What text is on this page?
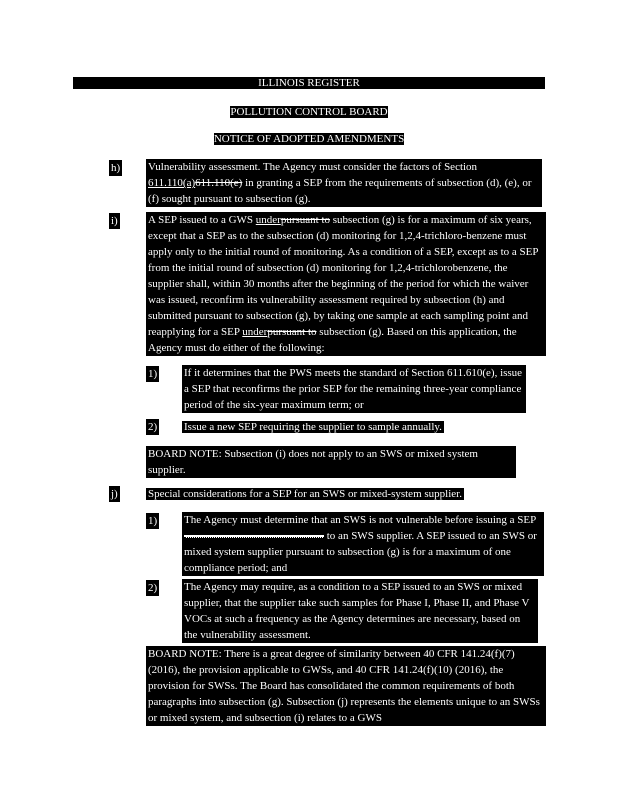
ILLINOIS REGISTER
POLLUTION CONTROL BOARD
NOTICE OF ADOPTED AMENDMENTS
h)	Vulnerability assessment. The Agency must consider the factors of Section 611.110(a)611.110(e) in granting a SEP from the requirements of subsection (d), (e), or (f) sought pursuant to subsection (g).
i)	A SEP issued to a GWS underpursuant to subsection (g) is for a maximum of six years, except that a SEP as to the subsection (d) monitoring for 1,2,4-trichloro-benzene must apply only to the initial round of monitoring. As a condition of a SEP, except as to a SEP from the initial round of subsection (d) monitoring for 1,2,4-trichlorobenzene, the supplier shall, within 30 months after the beginning of the period for which the waiver was issued, reconfirm its vulnerability assessment required by subsection (h) and submitted pursuant to subsection (g), by taking one sample at each sampling point and reapplying for a SEP underpursuant to subsection (g). Based on this application, the Agency must do either of the following:
1) If it determines that the PWS meets the standard of Section 611.610(e), issue a SEP that reconfirms the prior SEP for the remaining three-year compliance period of the six-year maximum term; or
2) Issue a new SEP requiring the supplier to sample annually.
BOARD NOTE: Subsection (i) does not apply to an SWS or mixed system supplier.
j)	Special considerations for a SEP for an SWS or mixed-system supplier.
1) The Agency must determine that an SWS is not vulnerable before issuing a SEP to an SWS supplier. A SEP issued to an SWS or mixed system supplier pursuant to subsection (g) is for a maximum of one compliance period; and
2) The Agency may require, as a condition to a SEP issued to an SWS or mixed supplier, that the supplier take such samples for Phase I, Phase II, and Phase V VOCs at such a frequency as the Agency determines are necessary, based on the vulnerability assessment.
BOARD NOTE: There is a great degree of similarity between 40 CFR 141.24(f)(7) (2016), the provision applicable to GWSs, and 40 CFR 141.24(f)(10) (2016), the provision for SWSs. The Board has consolidated the common requirements of both paragraphs into subsection (g). Subsection (j) represents the elements unique to an SWSs or mixed system, and subsection (i) relates to a GWS
